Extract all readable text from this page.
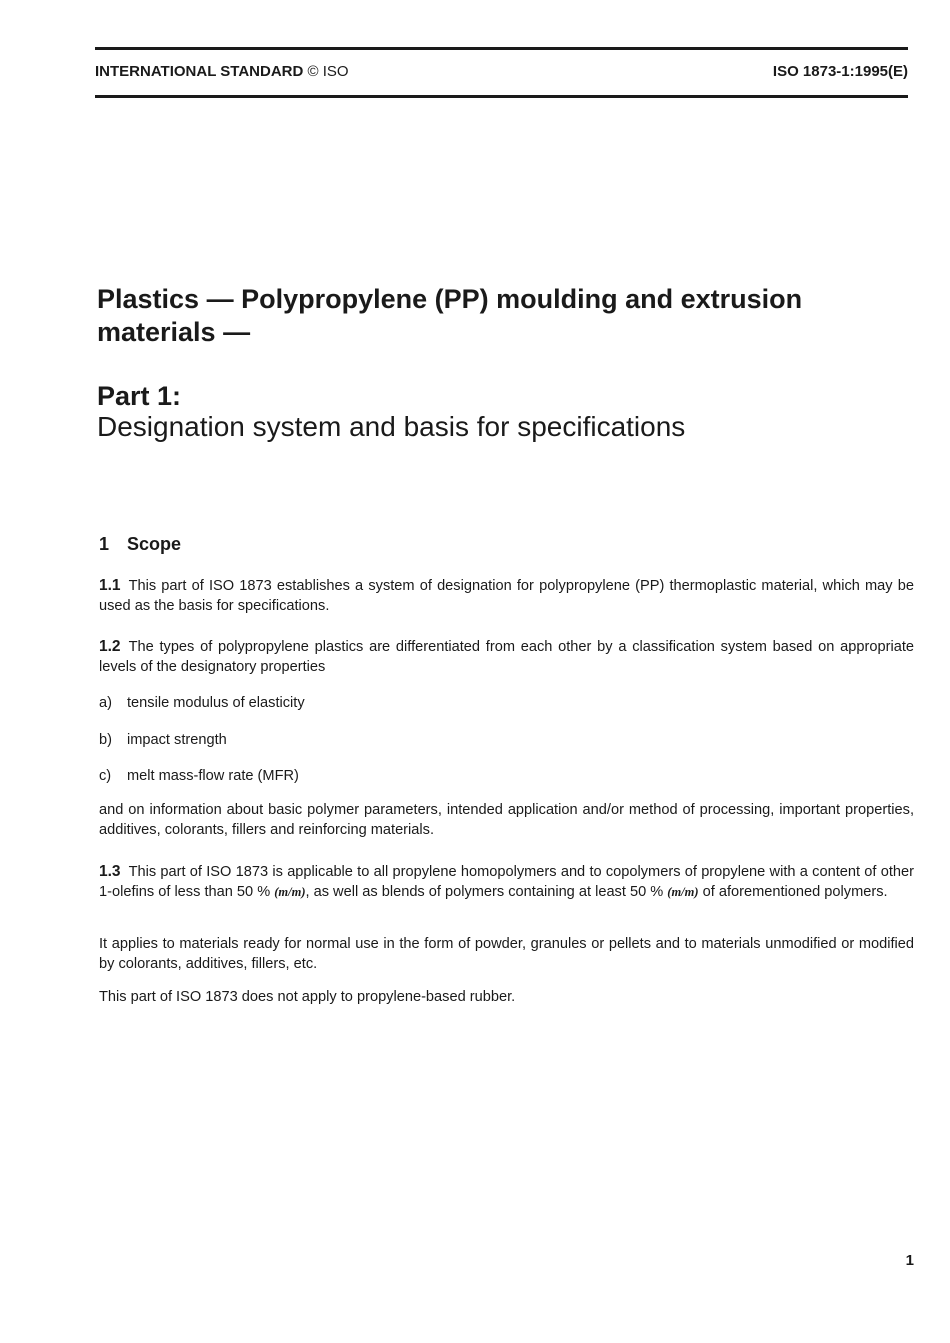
INTERNATIONAL STANDARD © ISO	ISO 1873-1:1995(E)
Plastics — Polypropylene (PP) moulding and extrusion
materials —
Part 1:
Designation system and basis for specifications
1 Scope
1.1 This part of ISO 1873 establishes a system of designation for polypropylene (PP) thermoplastic material, which may be used as the basis for specifications.
1.2 The types of polypropylene plastics are differentiated from each other by a classification system based on appropriate levels of the designatory properties
a) tensile modulus of elasticity
b) impact strength
c) melt mass-flow rate (MFR)
and on information about basic polymer parameters, intended application and/or method of processing, important properties, additives, colorants, fillers and reinforcing materials.
1.3 This part of ISO 1873 is applicable to all propylene homopolymers and to copolymers of propylene with a content of other 1-olefins of less than 50 % (m/m), as well as blends of polymers containing at least 50 % (m/m) of aforementioned polymers.
It applies to materials ready for normal use in the form of powder, granules or pellets and to materials unmodified or modified by colorants, additives, fillers, etc.
This part of ISO 1873 does not apply to propylene-based rubber.
1
